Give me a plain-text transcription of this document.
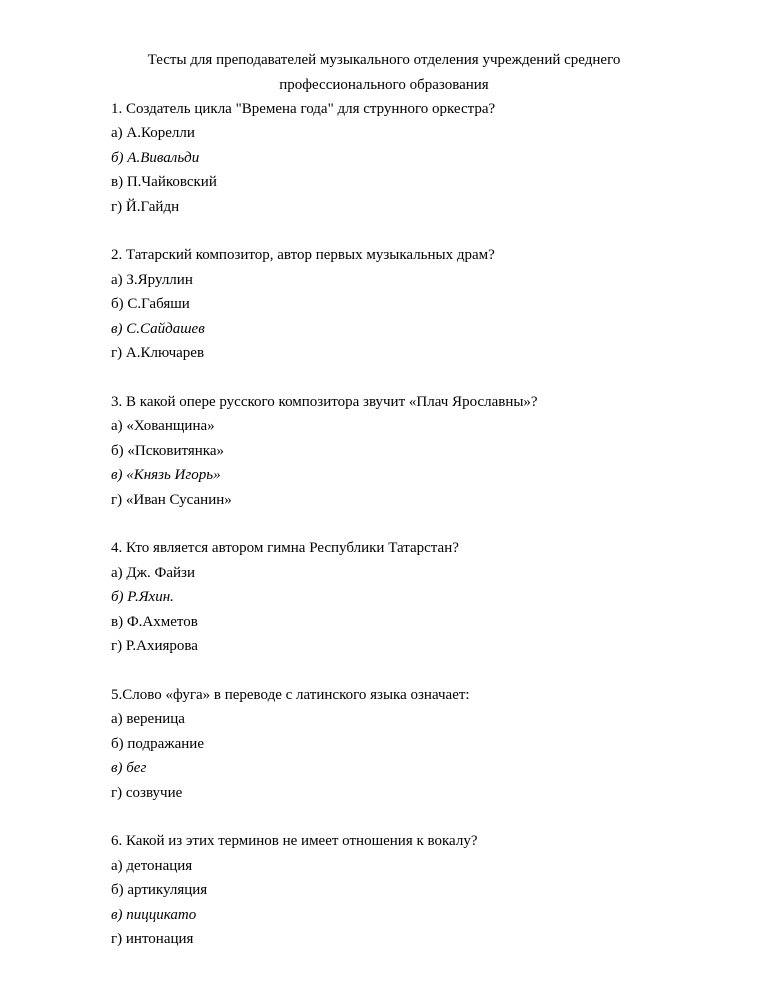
Тесты для преподавателей музыкального отделения учреждений среднего
профессионального образования
1. Создатель цикла "Времена года" для струнного оркестра?
а) А.Корелли
б) А.Вивальди
в) П.Чайковский
г) Й.Гайдн
2. Татарский композитор, автор первых музыкальных драм?
а) З.Яруллин
б) С.Габяши
в) С.Сайдашев
г) А.Ключарев
3. В какой опере русского композитора звучит «Плач Ярославны»?
а) «Хованщина»
б) «Псковитянка»
в) «Князь Игорь»
г) «Иван Сусанин»
4. Кто является автором гимна Республики Татарстан?
а) Дж. Файзи
б) Р.Яхин.
в) Ф.Ахметов
г) Р.Ахиярова
5.Слово «фуга» в переводе с латинского языка означает:
а) вереница
б) подражание
в) бег
г) созвучие
6. Какой из этих терминов не имеет отношения к вокалу?
а) детонация
б) артикуляция
в) пиццикато
г) интонация
